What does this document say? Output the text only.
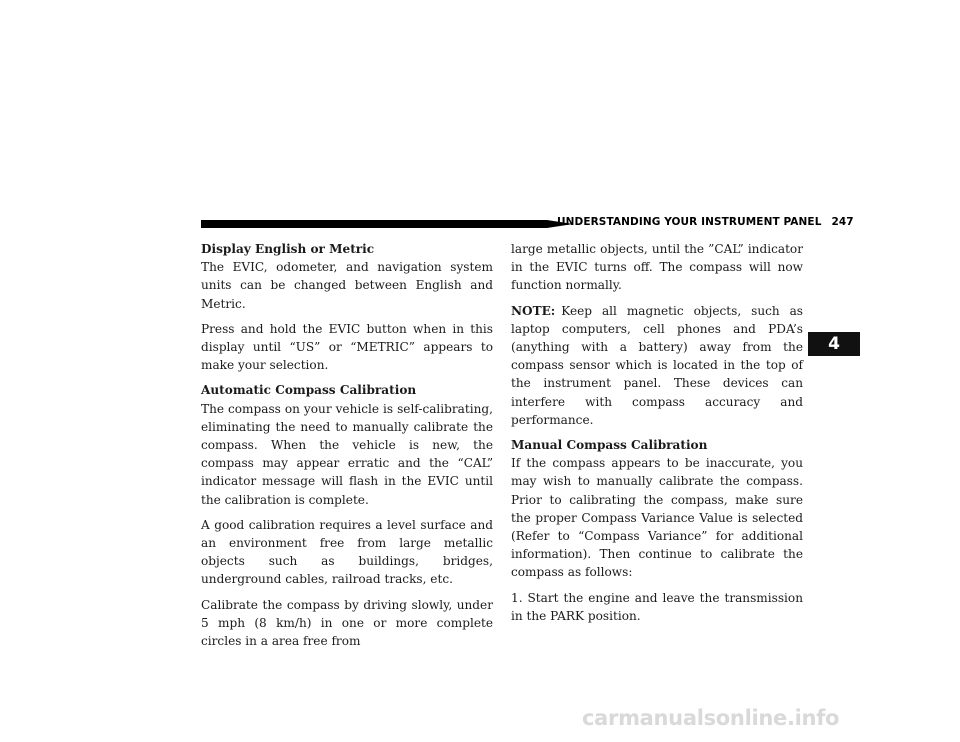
UNDERSTANDING YOUR INSTRUMENT PANEL 247
4
Display English or Metric

The EVIC, odometer, and navigation system units can be changed between English and Metric.

Press and hold the EVIC button when in this display until “US” or “METRIC” appears to make your selection.

Automatic Compass Calibration

The compass on your vehicle is self-calibrating, eliminating the need to manually calibrate the compass. When the vehicle is new, the compass may appear erratic and the “CAL” indicator message will flash in the EVIC until the calibration is complete.

A good calibration requires a level surface and an environment free from large metallic objects such as buildings, bridges, underground cables, railroad tracks, etc.

Calibrate the compass by driving slowly, under 5 mph (8 km/h) in one or more complete circles in a area free from

large metallic objects, until the ”CAL” indicator in the EVIC turns off. The compass will now function normally.

NOTE: Keep all magnetic objects, such as laptop computers, cell phones and PDA’s (anything with a battery) away from the compass sensor which is located in the top of the instrument panel. These devices can interfere with compass accuracy and performance.

Manual Compass Calibration

If the compass appears to be inaccurate, you may wish to manually calibrate the compass. Prior to calibrating the compass, make sure the proper Compass Variance Value is selected (Refer to “Compass Variance” for additional information). Then continue to calibrate the compass as follows:

1. Start the engine and leave the transmission in the PARK position.

carmanualsonline.info
